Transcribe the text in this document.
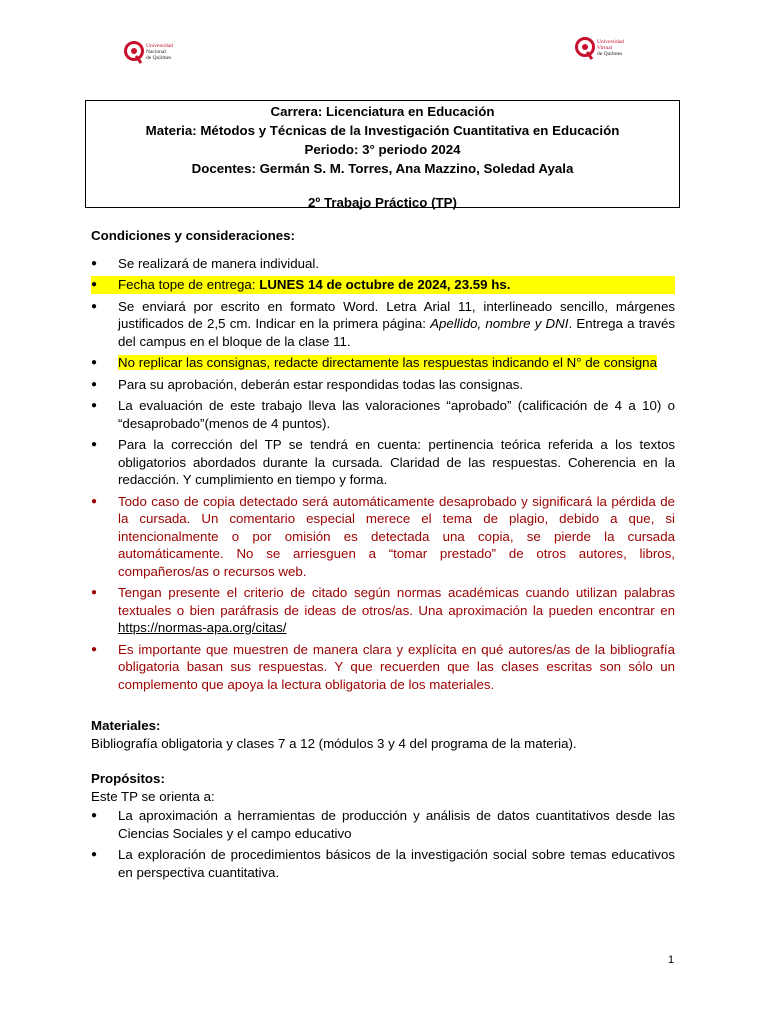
Universidad
Nacional
de Quilmes
Universidad
Virtual
de Quilmes
Carrera: Licenciatura en Educación
Materia: Métodos y Técnicas de la Investigación Cuantitativa en Educación
Periodo: 3° periodo 2024
Docentes: Germán S. M. Torres, Ana Mazzino, Soledad Ayala
2º Trabajo Práctico (TP)
Condiciones y consideraciones:
● Se realizará de manera individual.
● Fecha tope de entrega: LUNES 14 de octubre de 2024, 23.59 hs.
● Se enviará por escrito en formato Word. Letra Arial 11, interlineado sencillo, márgenes justificados de 2,5 cm. Indicar en la primera página: Apellido, nombre y DNI. Entrega a través del campus en el bloque de la clase 11.
● No replicar las consignas, redacte directamente las respuestas indicando el N° de consigna
● Para su aprobación, deberán estar respondidas todas las consignas.
● La evaluación de este trabajo lleva las valoraciones “aprobado” (calificación de 4 a 10) o “desaprobado”(menos de 4 puntos).
● Para la corrección del TP se tendrá en cuenta: pertinencia teórica referida a los textos obligatorios abordados durante la cursada. Claridad de las respuestas. Coherencia en la redacción. Y cumplimiento en tiempo y forma.
● Todo caso de copia detectado será automáticamente desaprobado y significará la pérdida de la cursada. Un comentario especial merece el tema de plagio, debido a que, si intencionalmente o por omisión es detectada una copia, se pierde la cursada automáticamente. No se arriesguen a “tomar prestado” de otros autores, libros, compañeros/as o recursos web.
● Tengan presente el criterio de citado según normas académicas cuando utilizan palabras textuales o bien paráfrasis de ideas de otros/as. Una aproximación la pueden encontrar en https://normas-apa.org/citas/
● Es importante que muestren de manera clara y explícita en qué autores/as de la bibliografía obligatoria basan sus respuestas. Y que recuerden que las clases escritas son sólo un complemento que apoya la lectura obligatoria de los materiales.
Materiales:
Bibliografía obligatoria y clases 7 a 12 (módulos 3 y 4 del programa de la materia).
Propósitos:
Este TP se orienta a:
● La aproximación a herramientas de producción y análisis de datos cuantitativos desde las Ciencias Sociales y el campo educativo
● La exploración de procedimientos básicos de la investigación social sobre temas educativos en perspectiva cuantitativa.
1
